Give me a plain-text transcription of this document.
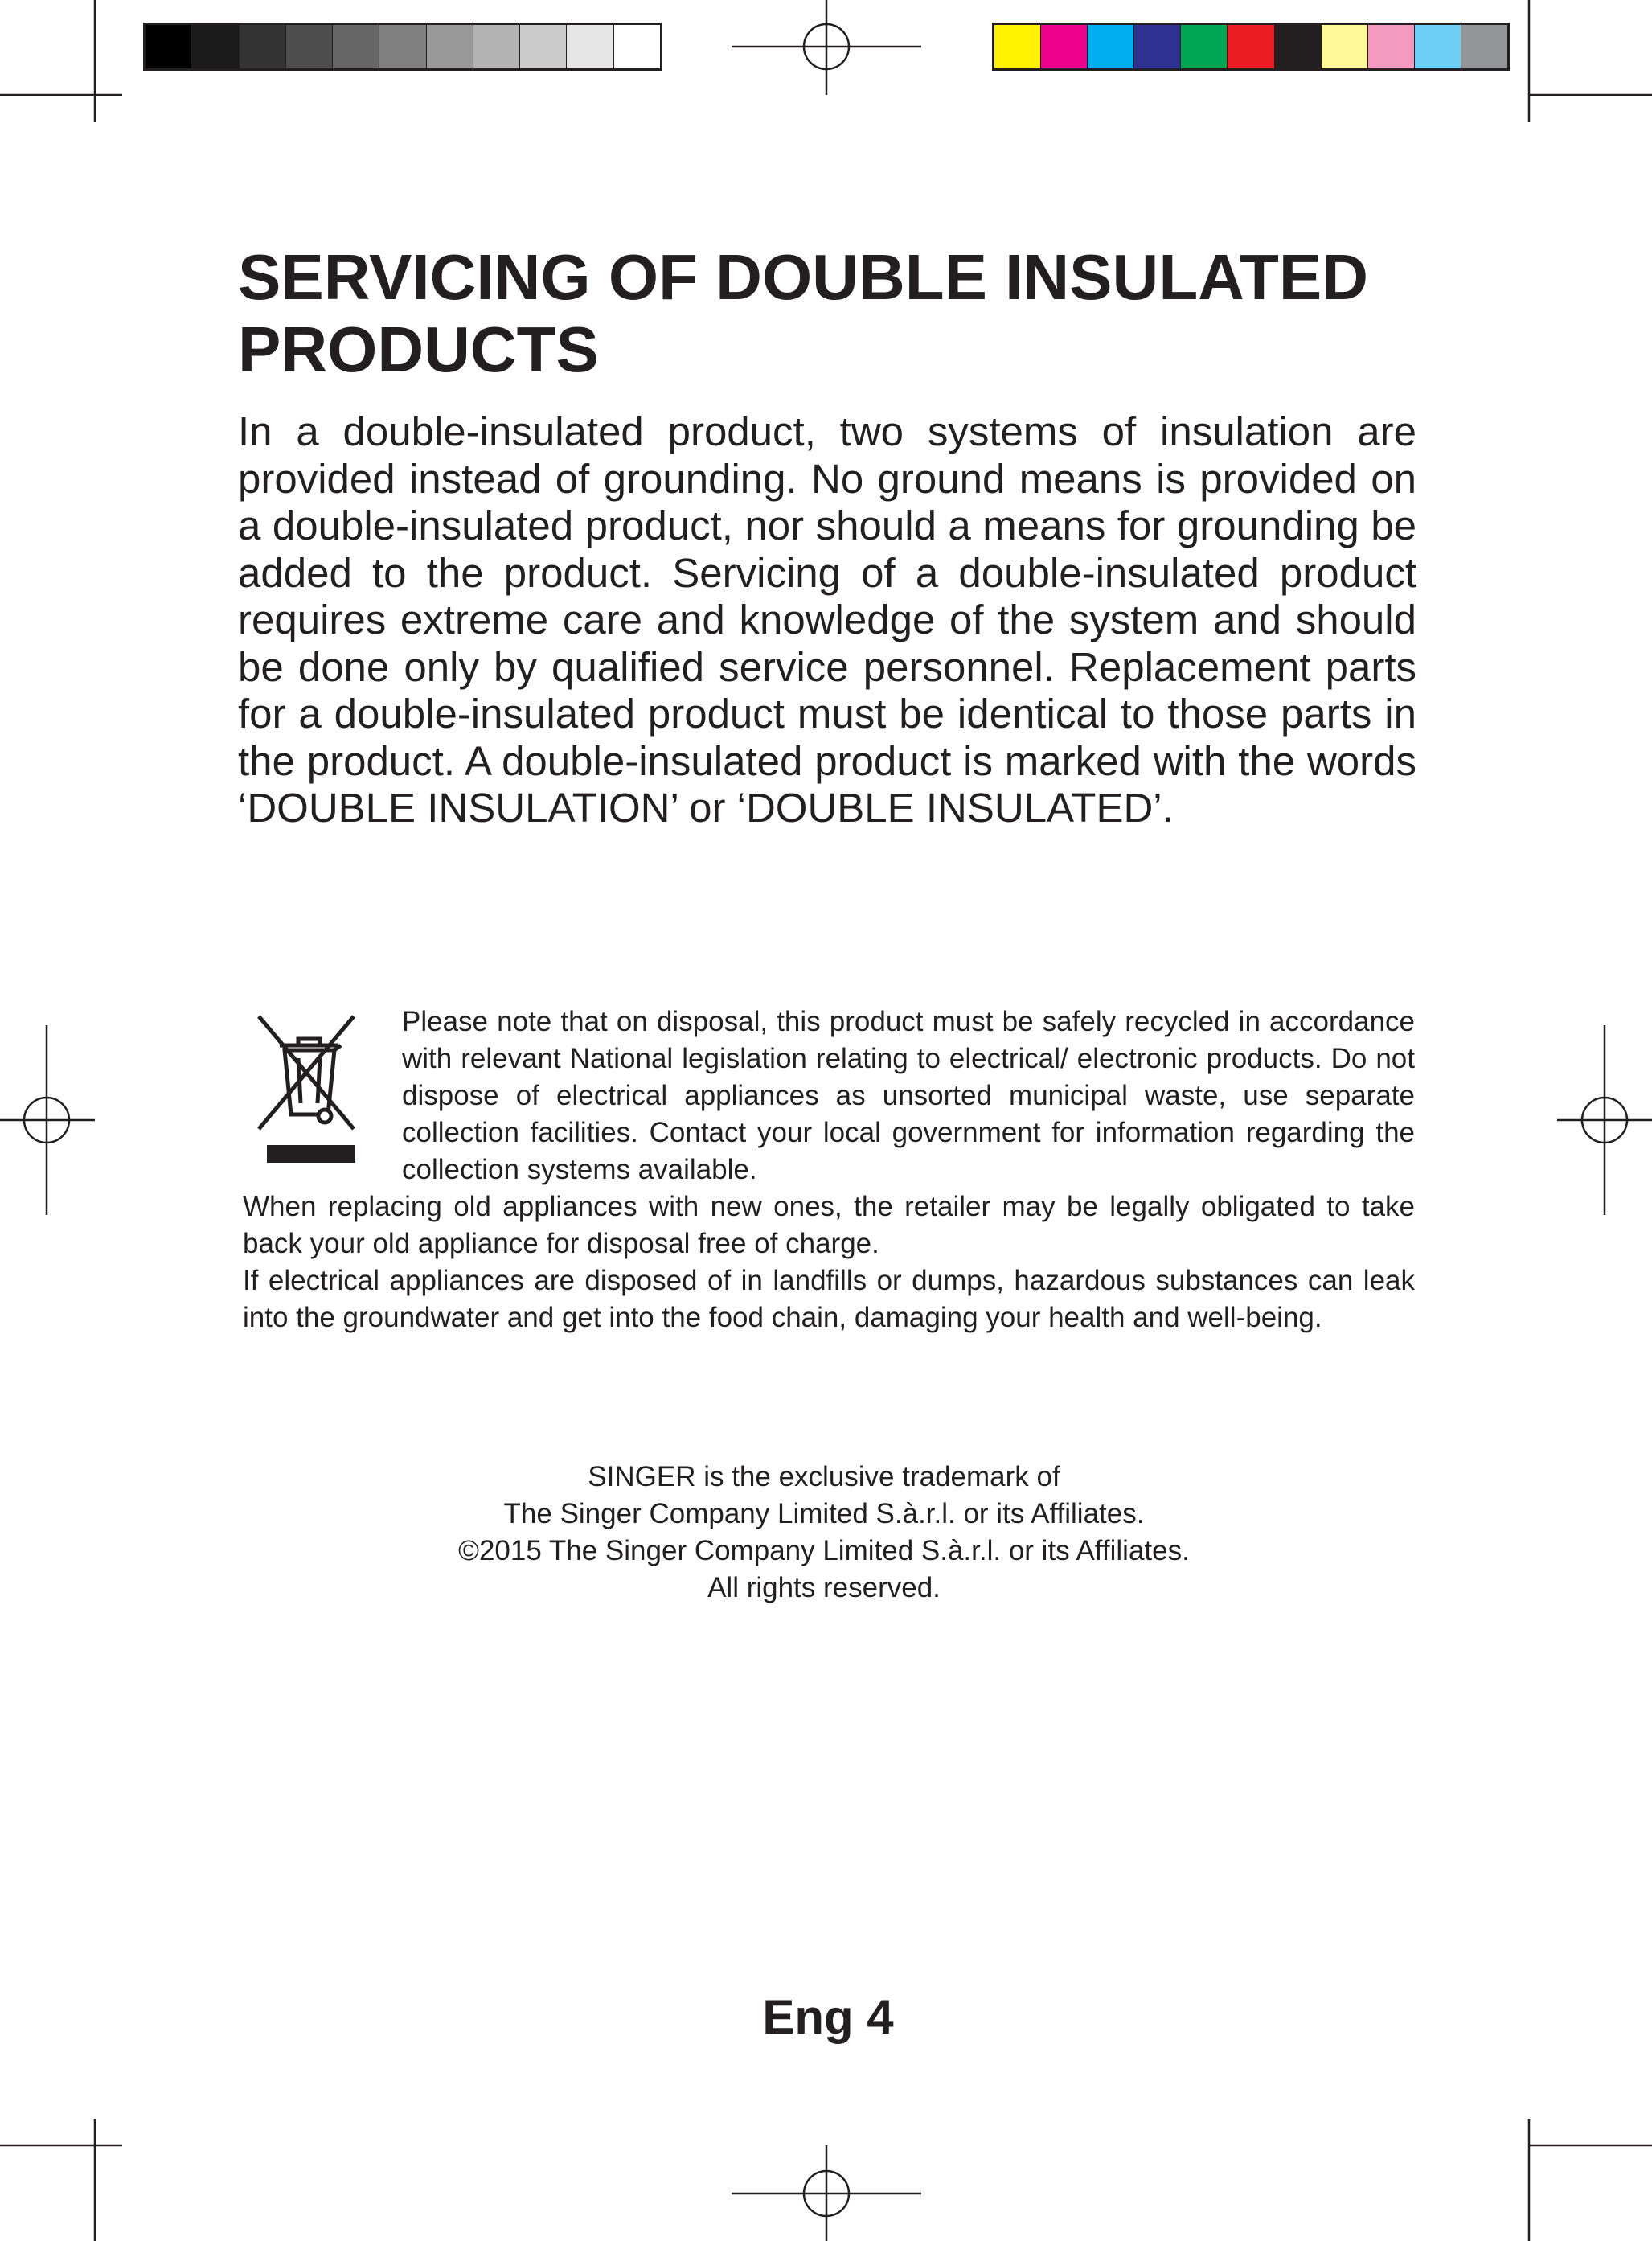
SERVICING OF DOUBLE INSULATED
PRODUCTS

In a double-insulated product, two systems of insulation are provided instead of grounding. No ground means is provided on a double-insulated product, nor should a means for grounding be added to the product. Servicing of a double-insulated product requires extreme care and knowledge of the system and should be done only by qualified service personnel. Replacement parts for a double-insulated product must be identical to those parts in the product. A double-insulated product is marked with the words ‘DOUBLE INSULATION’ or ‘DOUBLE INSULATED’.

Please note that on disposal, this product must be safely recycled in accordance with relevant National legislation relating to electrical/ electronic products. Do not dispose of electrical appliances as unsorted municipal waste, use separate collection facilities. Contact your local government for information regarding the collection systems available.
When replacing old appliances with new ones, the retailer may be legally obligated to take back your old appliance for disposal free of charge.

If electrical appliances are disposed of in landfills or dumps, hazardous substances can leak into the groundwater and get into the food chain, damaging your health and well-being.

SINGER is the exclusive trademark of
The Singer Company Limited S.à.r.l. or its Affiliates.
©2015 The Singer Company Limited S.à.r.l. or its Affiliates.
All rights reserved.
Eng 4
